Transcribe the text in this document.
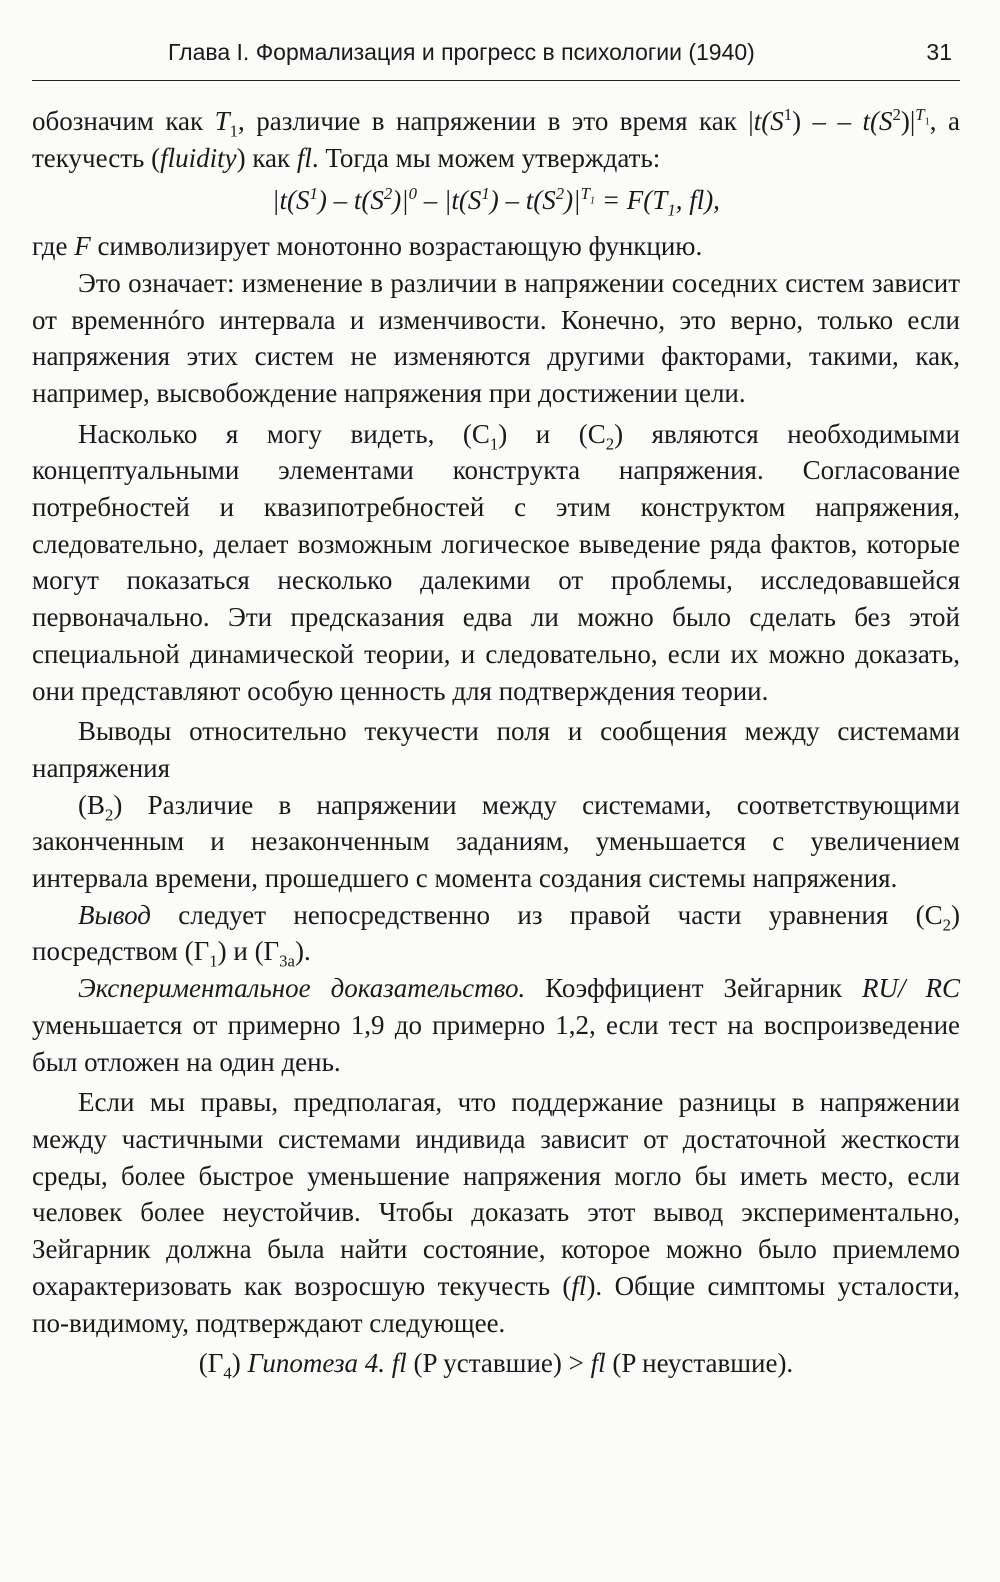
Глава I. Формализация и прогресс в психологии (1940)	31

обозначим как $T_1$, различие в напряжении в это время как $|t(S^1)$ – – $t(S^2)|^{T_1}$, а текучесть (fluidity) как fl. Тогда мы можем утверждать:

$|t(S^1) - t(S^2)|^0 - |t(S^1) - t(S^2)|^{T_1} = F(T_1$, fl),

где F символизирует монотонно возрастающую функцию.

Это означает: изменение в различии в напряжении соседних систем зависит от временнóго интервала и изменчивости. Конечно, это верно, только если напряжения этих систем не изменяются другими факторами, такими, как, например, высвобождение напряжения при достижении цели.

Насколько я могу видеть, $(C_1)$ и $(C_2)$ являются необходимыми концептуальными элементами конструкта напряжения. Согласование потребностей и квазипотребностей с этим конструктом напряжения, следовательно, делает возможным логическое выведение ряда фактов, которые могут показаться несколько далекими от проблемы, исследовавшейся первоначально. Эти предсказания едва ли можно было сделать без этой специальной динамической теории, и следовательно, если их можно доказать, они представляют особую ценность для подтверждения теории.

Выводы относительно текучести поля и сообщения между системами напряжения

$(B_2)$ Различие в напряжении между системами, соответствующими законченным и незаконченным заданиям, уменьшается с увеличением интервала времени, прошедшего с момента создания системы напряжения.

Вывод следует непосредственно из правой части уравнения $(C_2)$ посредством $(Г_1)$ и $(Г_{3a})$.

Экспериментальное доказательство. Коэффициент Зейгарник RU/ RC уменьшается от примерно 1,9 до примерно 1,2, если тест на воспроизведение был отложен на один день.

Если мы правы, предполагая, что поддержание разницы в напряжении между частичными системами индивида зависит от достаточной жесткости среды, более быстрое уменьшение напряжения могло бы иметь место, если человек более неустойчив. Чтобы доказать этот вывод экспериментально, Зейгарник должна была найти состояние, которое можно было приемлемо охарактеризовать как возросшую текучесть (fl). Общие симптомы усталости, по-видимому, подтверждают следующее.

$(Г_4)$ Гипотеза 4. fl (P уставшие) > fl (P неуставшие).
